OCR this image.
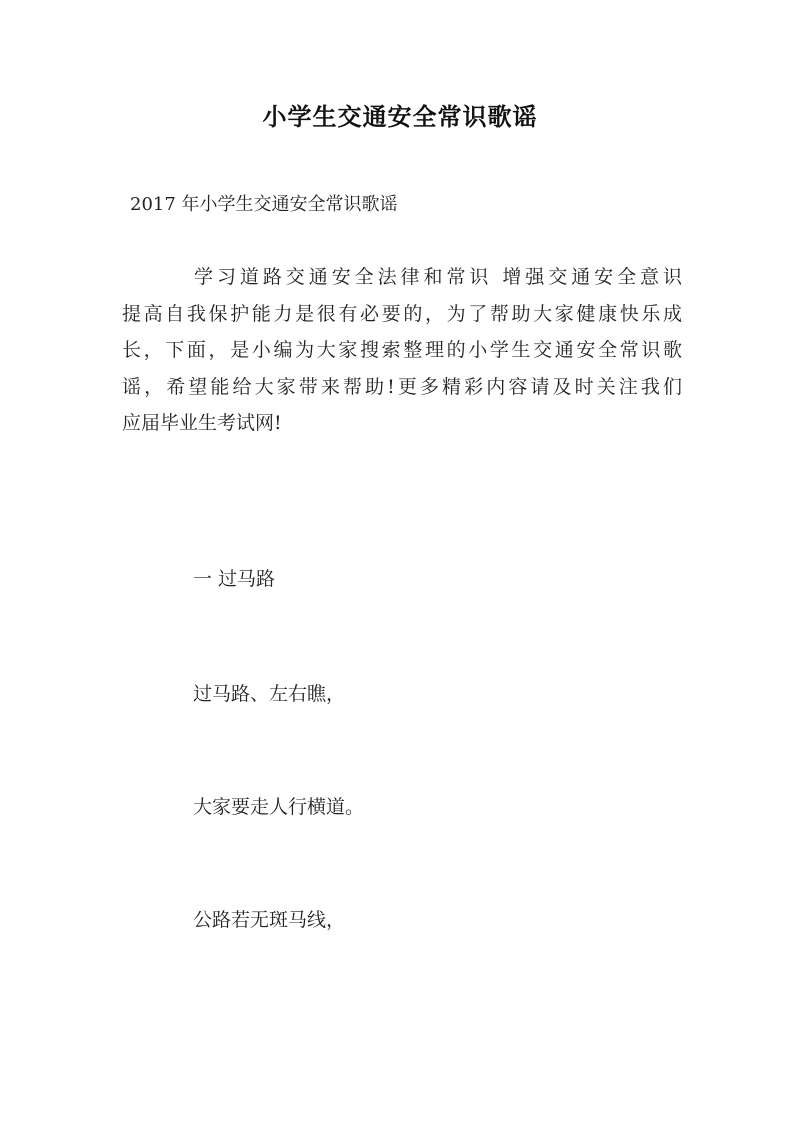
小学生交通安全常识歌谣
2017 年小学生交通安全常识歌谣
学习道路交通安全法律和常识 增强交通安全意识
提高自我保护能力是很有必要的，为了帮助大家健康快乐成
长，下面，是小编为大家搜索整理的小学生交通安全常识歌
谣，希望能给大家带来帮助!更多精彩内容请及时关注我们
应届毕业生考试网!
一 过马路
过马路、左右瞧，
大家要走人行横道。
公路若无斑马线，
